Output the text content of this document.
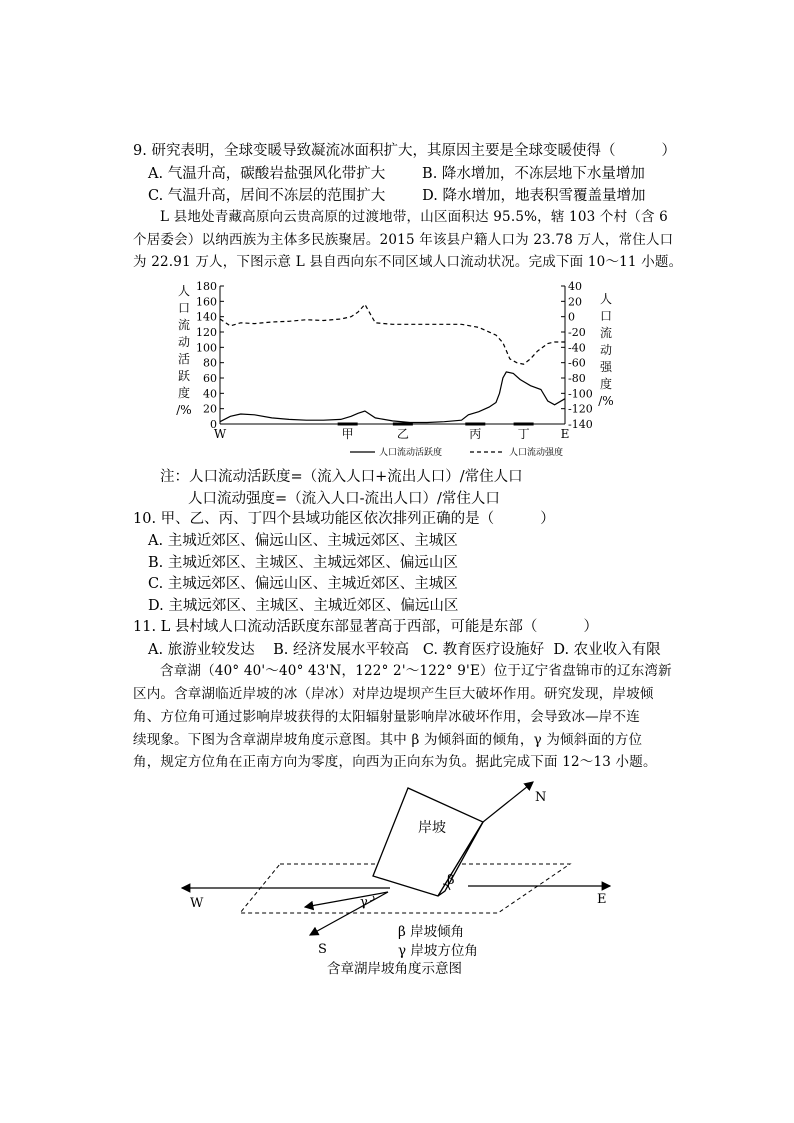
9. 研究表明，全球变暖导致凝流冰面积扩大，其原因主要是全球变暖使得（          ）
A. 气温升高，碳酸岩盐强风化带扩大        B. 降水增加，不冻层地下水量增加
C. 气温升高，居间不冻层的范围扩大        D. 降水增加，地表积雪覆盖量增加
L 县地处青藏高原向云贵高原的过渡地带，山区面积达 95.5%，辖 103 个村（含 6
个居委会）以纳西族为主体多民族聚居。2015 年该县户籍人口为 23.78 万人，常住人口
为 22.91 万人，下图示意 L 县自西向东不同区域人口流动状况。完成下面 10～11 小题。
0
20
40
60
80
100
120
140
160
180	40
20
0
-20
-40
-60
-80
-100
-120
-140
人
口
流
动
活
跃
度
/%
人
口
流
动
强
度
/%
甲	乙	丙	丁
W	E
人口流动活跃度	人口流动强度
注：人口流动活跃度=（流入人口+流出人口）/常住人口
人口流动强度=（流入人口-流出人口）/常住人口
10. 甲、乙、丙、丁四个县域功能区依次排列正确的是（          ）
A. 主城近郊区、偏远山区、主城远郊区、主城区
B. 主城近郊区、主城区、主城远郊区、偏远山区
C. 主城远郊区、偏远山区、主城近郊区、主城区
D. 主城远郊区、主城区、主城近郊区、偏远山区
11. L 县村域人口流动活跃度东部显著高于西部，可能是东部（          ）
A. 旅游业较发达    B. 经济发展水平较高   C. 教育医疗设施好  D. 农业收入有限
含章湖（40° 40'～40° 43'N，122° 2'～122° 9'E）位于辽宁省盘锦市的辽东湾新
区内。含章湖临近岸坡的冰（岸冰）对岸边堤坝产生巨大破坏作用。研究发现，岸坡倾
角、方位角可通过影响岸坡获得的太阳辐射量影响岸冰破坏作用，会导致冰—岸不连
续现象。下图为含章湖岸坡角度示意图。其中 β 为倾斜面的倾角，γ 为倾斜面的方位
角，规定方位角在正南方向为零度，向西为正向东为负。据此完成下面 12～13 小题。
岸坡
N
W	E
S
β
γ
β 岸坡倾角
γ 岸坡方位角
含章湖岸坡角度示意图
